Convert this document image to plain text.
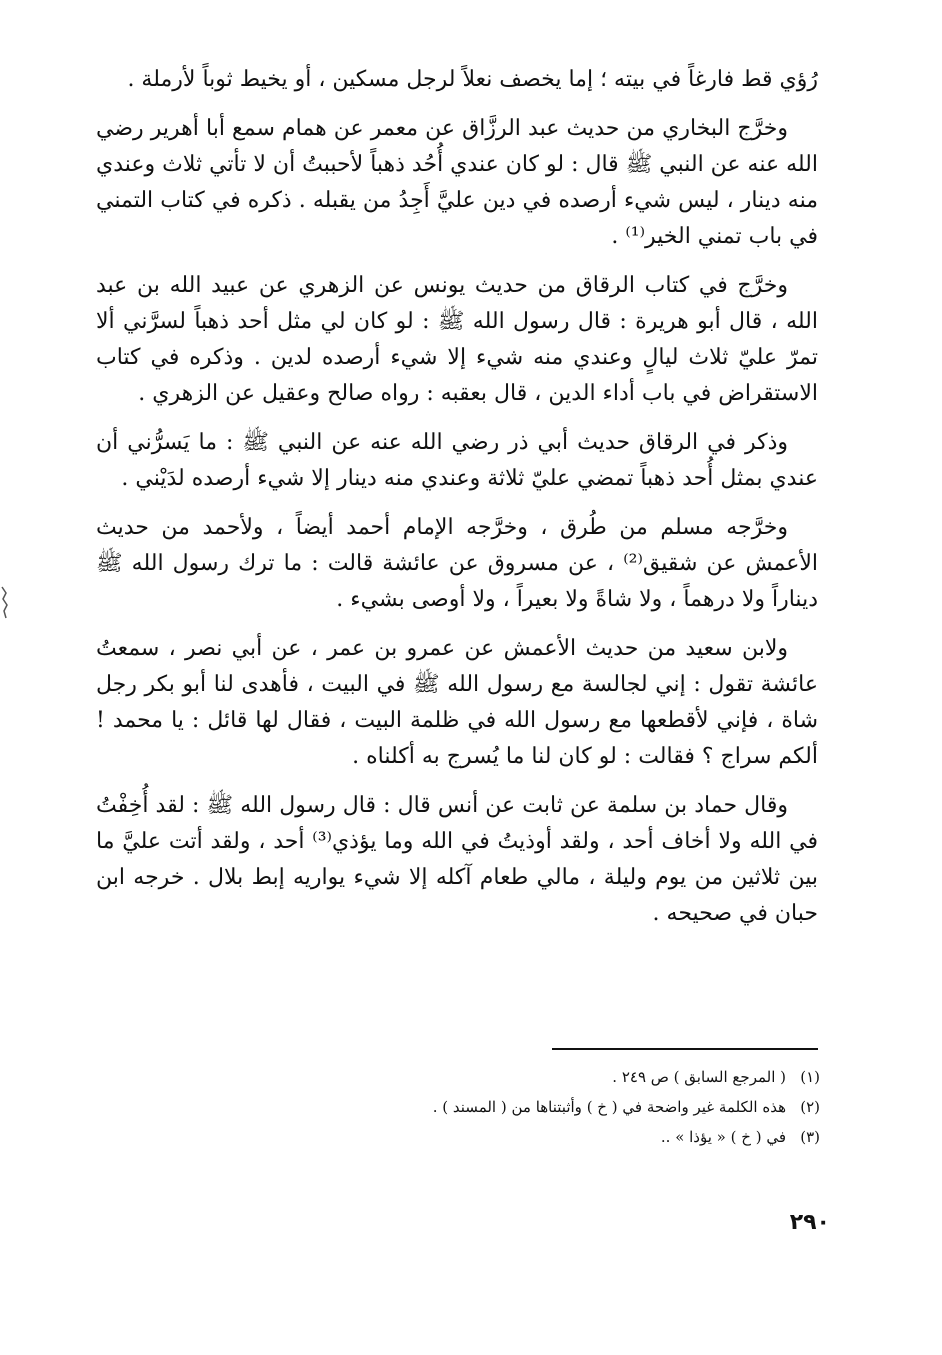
رُؤي قط فارغاً في بيته ؛ إما يخصف نعلاً لرجل مسكين ، أو يخيط ثوباً لأرملة .

وخرَّج البخاري من حديث عبد الرزَّاق عن معمر عن همام سمع أبا أهرير رضي الله عنه عن النبي ﷺ قال : لو كان عندي أُحُد ذهباً لأحببتُ أن لا تأتي ثلاث وعندي منه دينار ، ليس شيء أرصده في دين عليَّ أَجِدُ من يقبله . ذكره في كتاب التمني في باب تمني الخير⁽¹⁾ .

وخرَّج في كتاب الرقاق من حديث يونس عن الزهري عن عبيد الله بن عبد الله ، قال أبو هريرة : قال رسول الله ﷺ : لو كان لي مثل أحد ذهباً لسرَّني ألا تمرّ عليّ ثلاث ليالٍ وعندي منه شيء إلا شيء أرصده لدين . وذكره في كتاب الاستقراض في باب أداء الدين ، قال بعقبه : رواه صالح وعقيل عن الزهري .

وذكر في الرقاق حديث أبي ذر رضي الله عنه عن النبي ﷺ : ما يَسرُّني أن عندي بمثل أُحد ذهباً تمضي عليّ ثلاثة وعندي منه دينار إلا شيء أرصده لدَيْني .

وخرَّجه مسلم من طُرق ، وخرَّجه الإمام أحمد أيضاً ، ولأحمد من حديث الأعمش عن شقيق⁽²⁾ ، عن مسروق عن عائشة قالت : ما ترك رسول الله ﷺ ديناراً ولا درهماً ، ولا شاةً ولا بعيراً ، ولا أوصى بشيء .

ولابن سعيد من حديث الأعمش عن عمرو بن عمر ، عن أبي نصر ، سمعتُ عائشة تقول : إني لجالسة مع رسول الله ﷺ في البيت ، فأهدى لنا أبو بكر رجل شاة ، فإني لأقطعها مع رسول الله في ظلمة البيت ، فقال لها قائل : يا محمد ! ألكم سراج ؟ فقالت : لو كان لنا ما يُسرج به أكلناه .

وقال حماد بن سلمة عن ثابت عن أنس قال : قال رسول الله ﷺ : لقد أُخِفْتُ في الله ولا أخاف أحد ، ولقد أوذيتُ في الله وما يؤذي⁽³⁾ أحد ، ولقد أتت عليَّ ما بين ثلاثين من يوم وليلة ، مالي طعام آكله إلا شيء يواريه إبط بلال . خرجه ابن حبان في صحيحه .

(١)
( المرجع السابق ) ص ٢٤٩ .
(٢)
هذه الكلمة غير واضحة في ( خ ) وأثبتناها من ( المسند ) .
(٣)
في ( خ ) « يؤذا » ..
٢٩٠
